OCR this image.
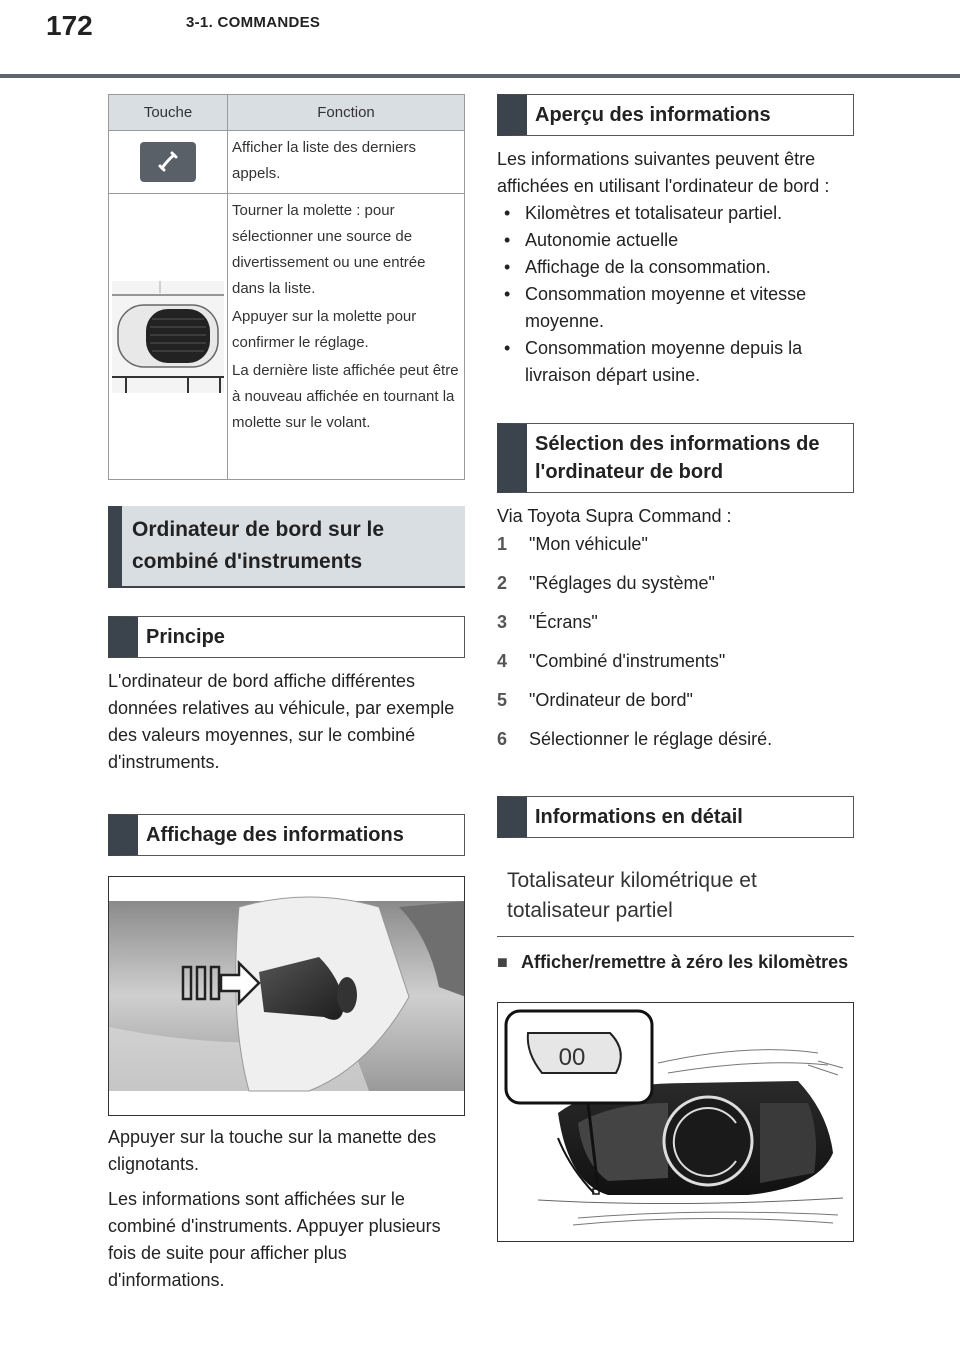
172	3-1. COMMANDES
Touche	Fonction

Afficher la liste des derniers appels.

Tourner la molette : pour sélectionner une source de divertissement ou une entrée dans la liste.

Appuyer sur la molette pour confirmer le réglage.

La dernière liste affichée peut être à nouveau affichée en tournant la molette sur le volant.

Ordinateur de bord sur le combiné d'instruments
Principe

L'ordinateur de bord affiche différentes données relatives au véhicule, par exemple des valeurs moyennes, sur le combiné d'instruments.

Affichage des informations

Appuyer sur la touche sur la manette des clignotants.

Les informations sont affichées sur le combiné d'instruments. Appuyer plusieurs fois de suite pour afficher plus d'informations.

Aperçu des informations

Les informations suivantes peuvent être affichées en utilisant l'ordinateur de bord :

• Kilomètres et totalisateur partiel.
• Autonomie actuelle
• Affichage de la consommation.
• Consommation moyenne et vitesse moyenne.
• Consommation moyenne depuis la livraison départ usine.
Sélection des informations de l'ordinateur de bord

Via Toyota Supra Command :

1	"Mon véhicule"
2	"Réglages du système"
3	"Écrans"
4	"Combiné d'instruments"
5	"Ordinateur de bord"
6	Sélectionner le réglage désiré.
Informations en détail
Totalisateur kilométrique et totalisateur partiel
■ Afficher/remettre à zéro les kilomètres
00
